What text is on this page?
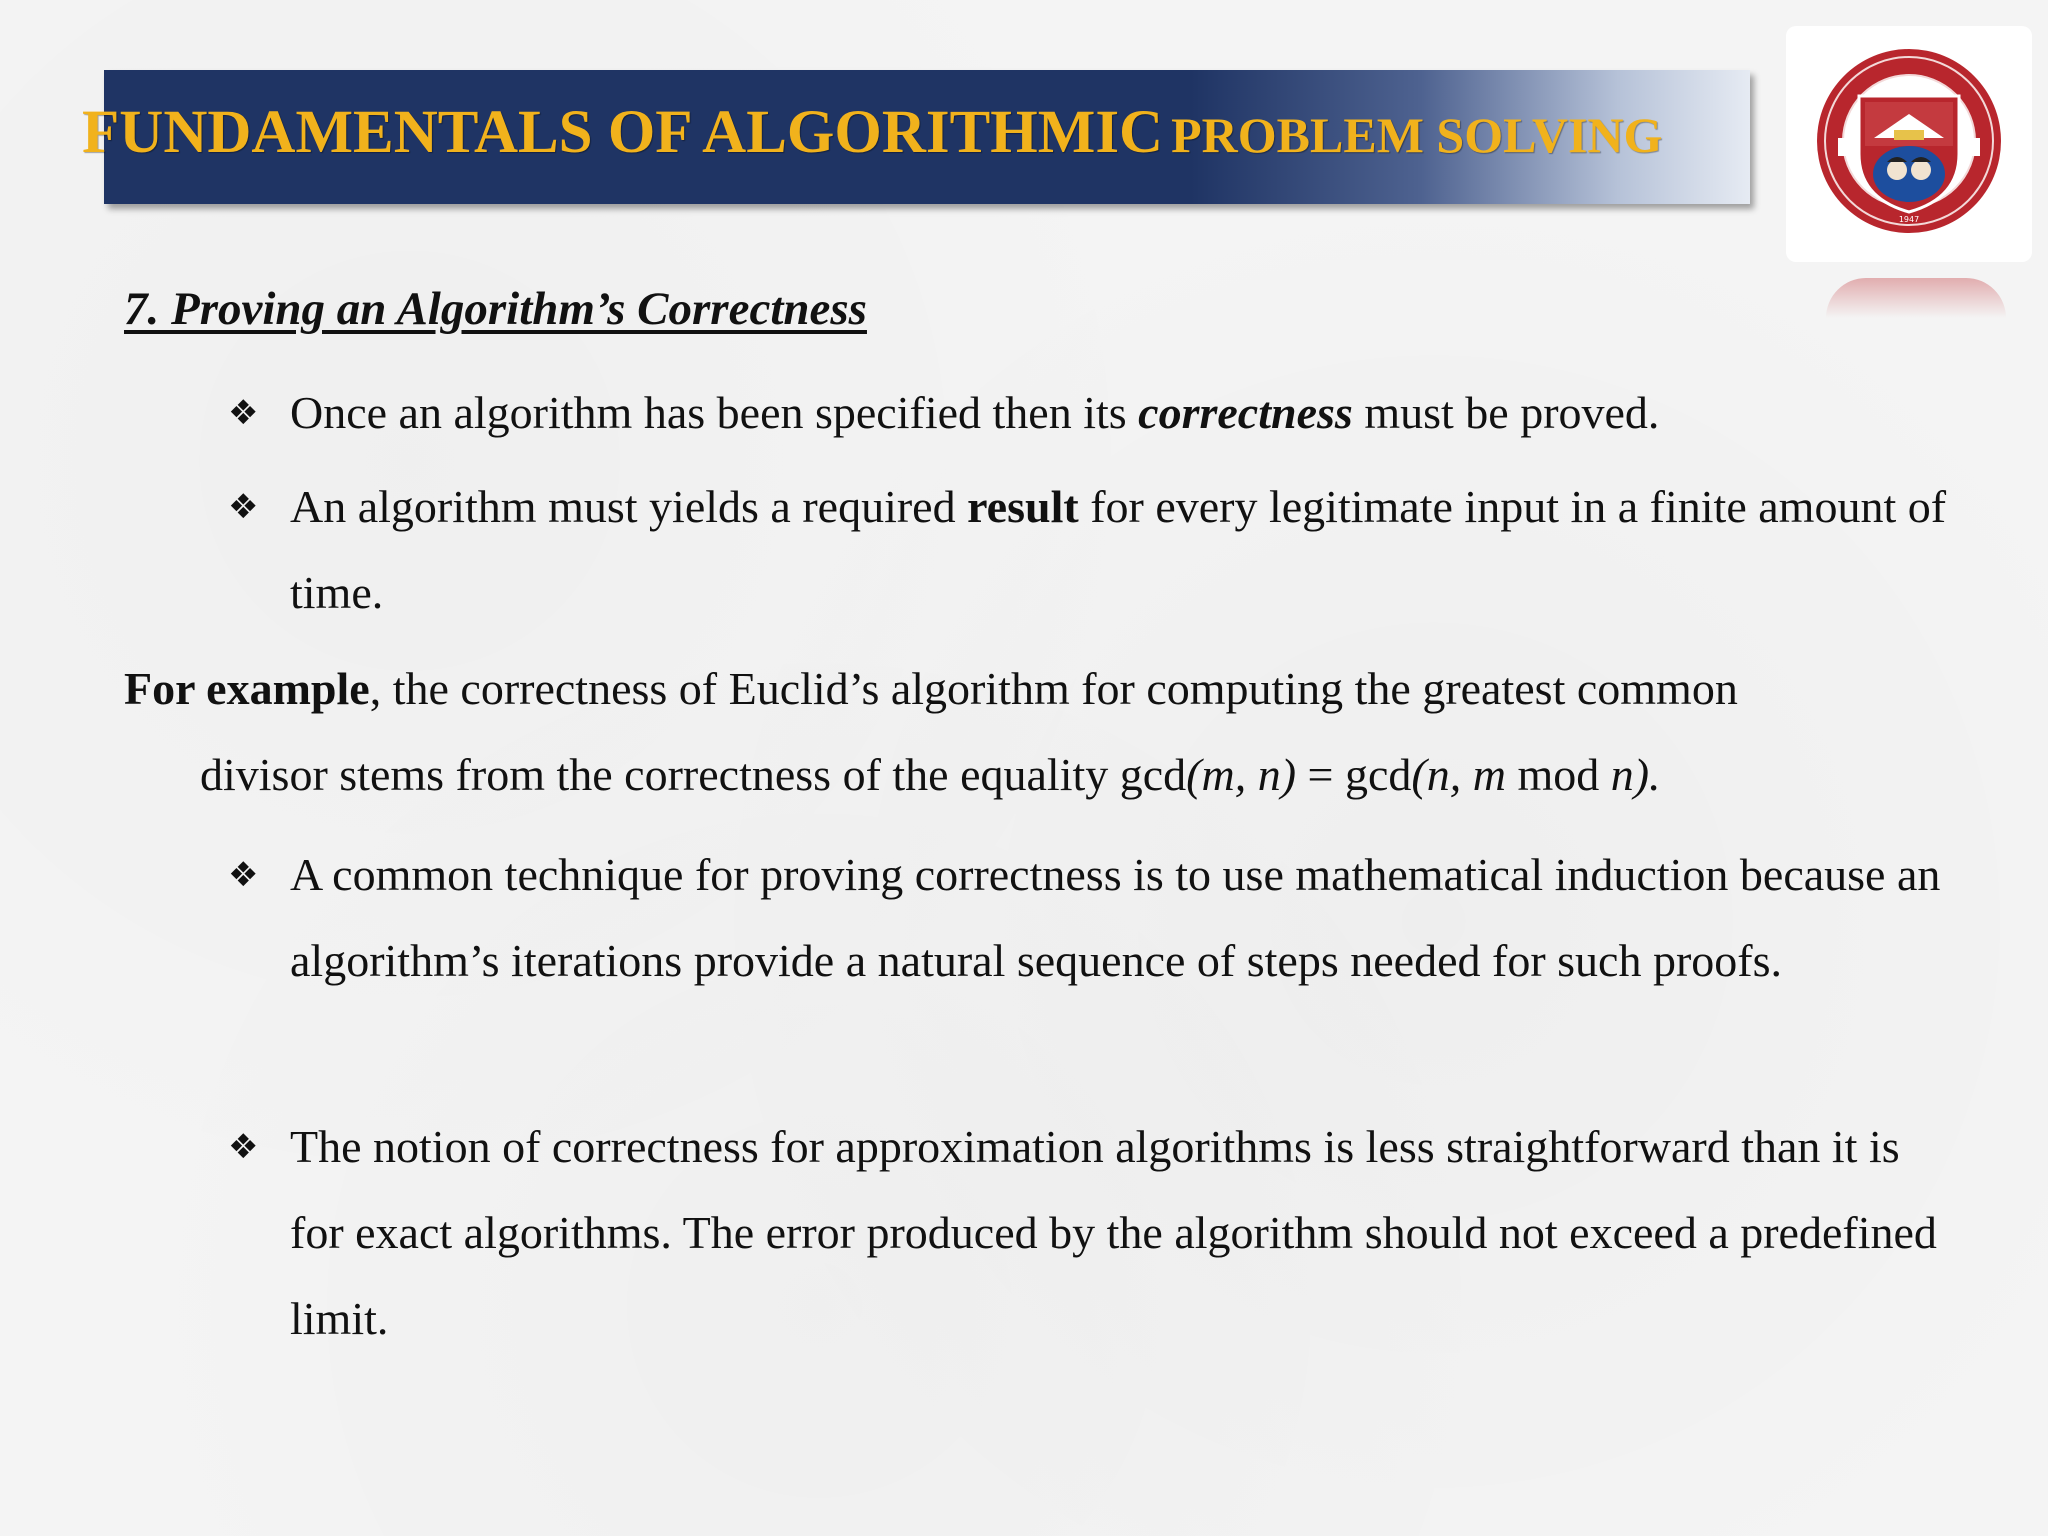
FUNDAMENTALS OF ALGORITHMIC PROBLEM SOLVING
1947
7. Proving an Algorithm’s Correctness

❖ Once an algorithm has been specified then its correctness must be proved.

❖ An algorithm must yields a required result for every legitimate input in a finite amount of time.

For example, the correctness of Euclid’s algorithm for computing the greatest common
divisor stems from the correctness of the equality gcd(m, n) = gcd(n, m mod n).

❖ A common technique for proving correctness is to use mathematical induction because an algorithm’s iterations provide a natural sequence of steps needed for such proofs.

❖ The notion of correctness for approximation algorithms is less straightforward than it is for exact algorithms. The error produced by the algorithm should not exceed a predefined limit.
